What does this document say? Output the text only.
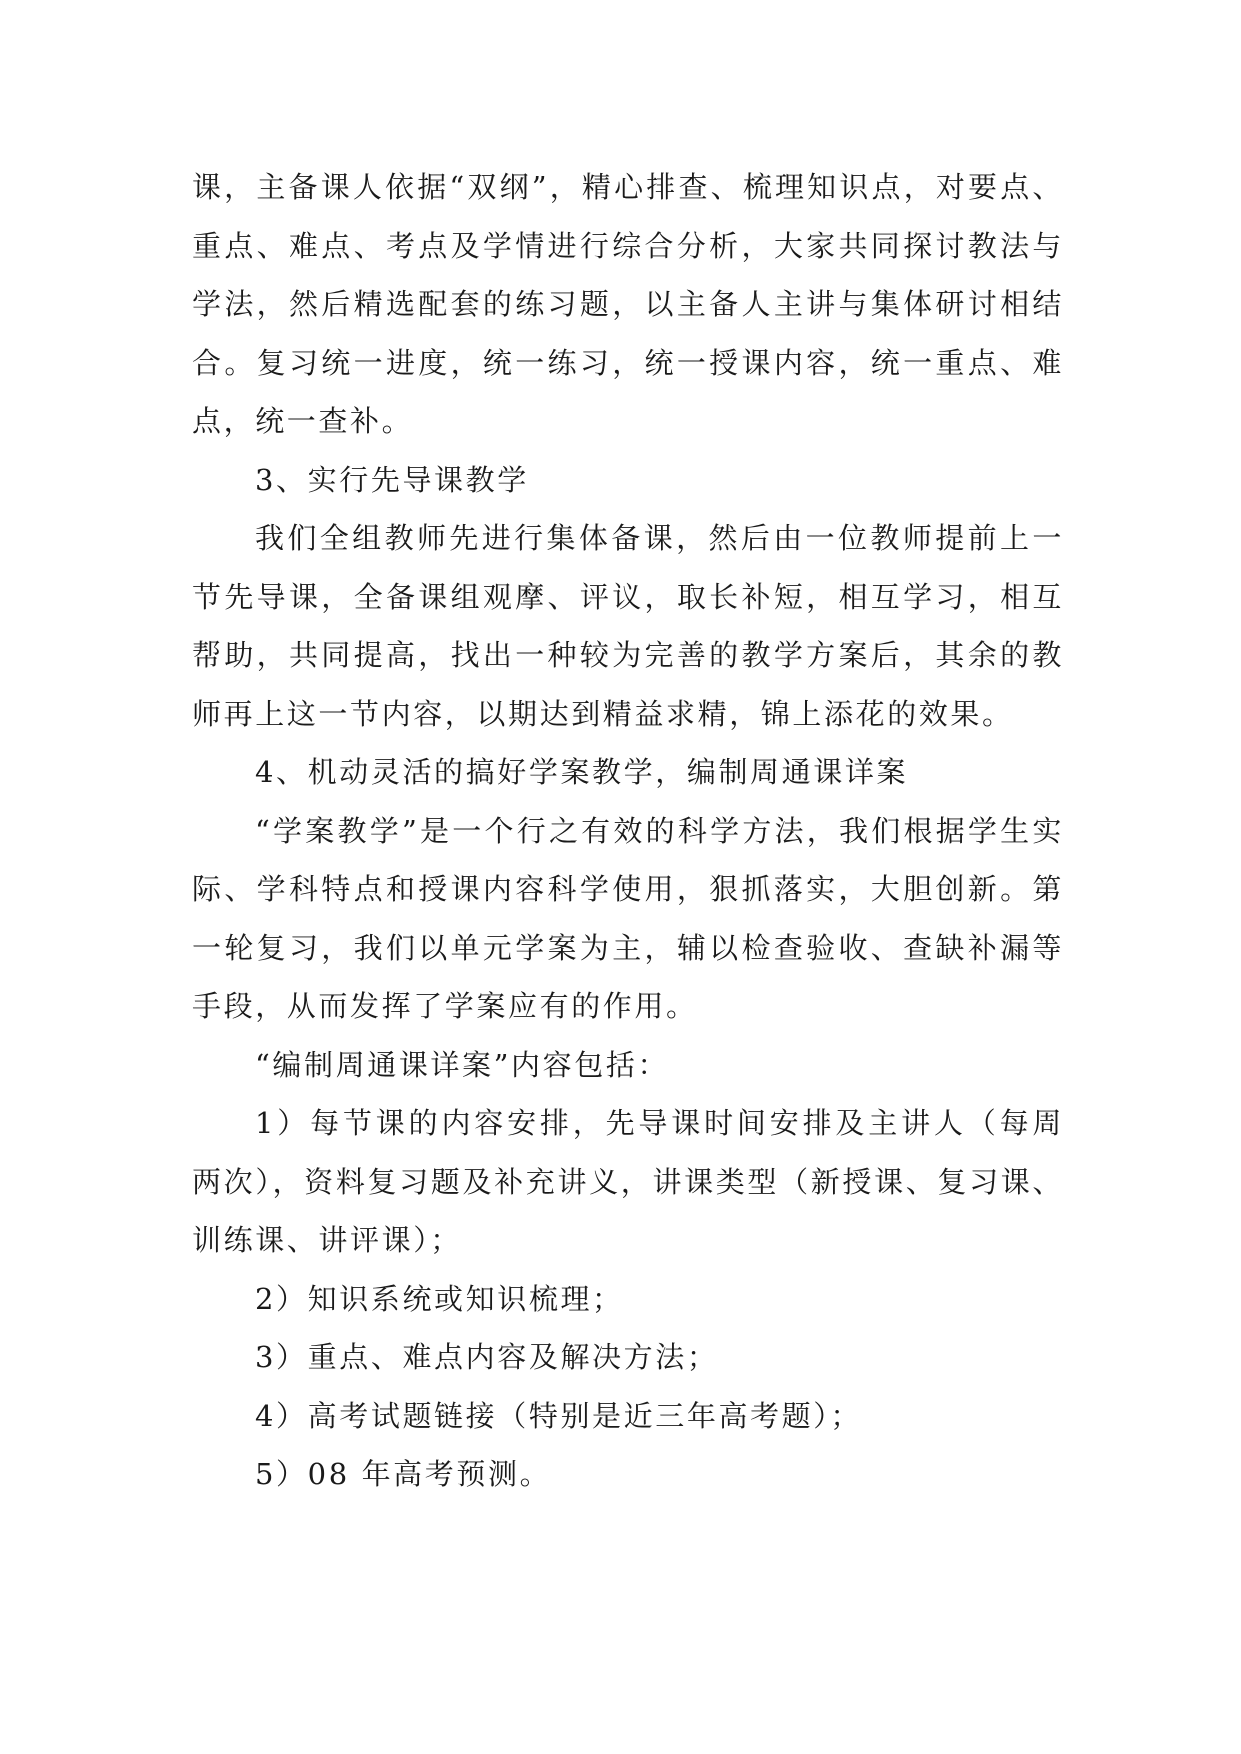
课，主备课人依据“双纲”，精心排查、梳理知识点，对要点、重点、难点、考点及学情进行综合分析，大家共同探讨教法与学法，然后精选配套的练习题，以主备人主讲与集体研讨相结合。复习统一进度，统一练习，统一授课内容，统一重点、难点，统一查补。

3、实行先导课教学

我们全组教师先进行集体备课，然后由一位教师提前上一节先导课，全备课组观摩、评议，取长补短，相互学习，相互帮助，共同提高，找出一种较为完善的教学方案后，其余的教师再上这一节内容，以期达到精益求精，锦上添花的效果。

4、机动灵活的搞好学案教学，编制周通课详案

“学案教学”是一个行之有效的科学方法，我们根据学生实际、学科特点和授课内容科学使用，狠抓落实，大胆创新。第一轮复习，我们以单元学案为主，辅以检查验收、查缺补漏等手段，从而发挥了学案应有的作用。

“编制周通课详案”内容包括：

1）每节课的内容安排，先导课时间安排及主讲人（每周两次），资料复习题及补充讲义，讲课类型（新授课、复习课、训练课、讲评课）；

2）知识系统或知识梳理；

3）重点、难点内容及解决方法；

4）高考试题链接（特别是近三年高考题）；

5）08 年高考预测。
